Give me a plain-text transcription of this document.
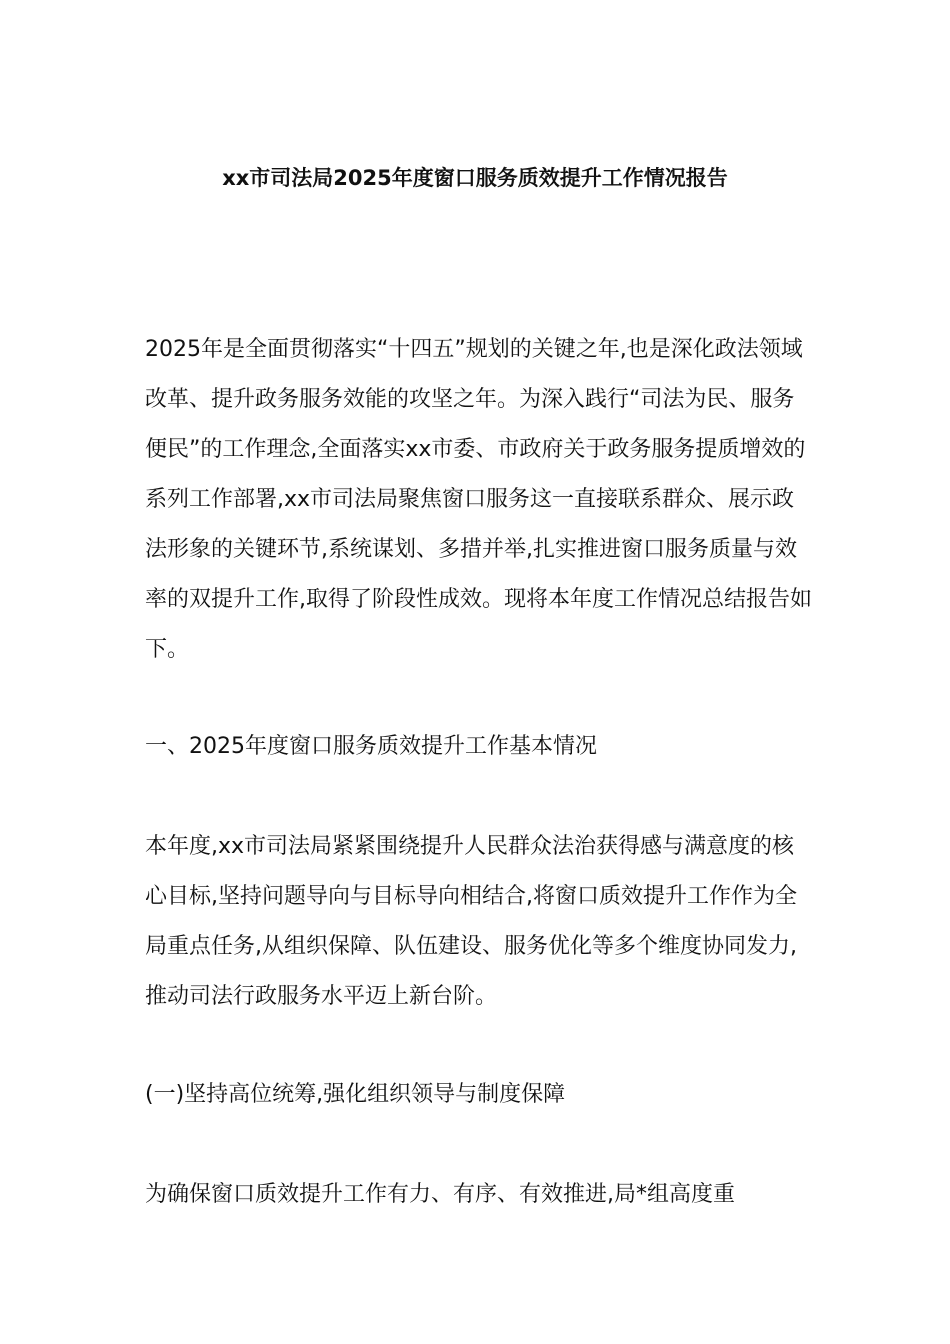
xx市司法局2025年度窗口服务质效提升工作情况报告

2025年是全面贯彻落实“十四五”规划的关键之年,也是深化政法领域改革、提升政务服务效能的攻坚之年。为深入践行“司法为民、服务便民”的工作理念,全面落实xx市委、市政府关于政务服务提质增效的系列工作部署,xx市司法局聚焦窗口服务这一直接联系群众、展示政法形象的关键环节,系统谋划、多措并举,扎实推进窗口服务质量与效率的双提升工作,取得了阶段性成效。现将本年度工作情况总结报告如下。

一、2025年度窗口服务质效提升工作基本情况

本年度,xx市司法局紧紧围绕提升人民群众法治获得感与满意度的核心目标,坚持问题导向与目标导向相结合,将窗口质效提升工作作为全局重点任务,从组织保障、队伍建设、服务优化等多个维度协同发力,推动司法行政服务水平迈上新台阶。

(一)坚持高位统筹,强化组织领导与制度保障

为确保窗口质效提升工作有力、有序、有效推进,局*组高度重
